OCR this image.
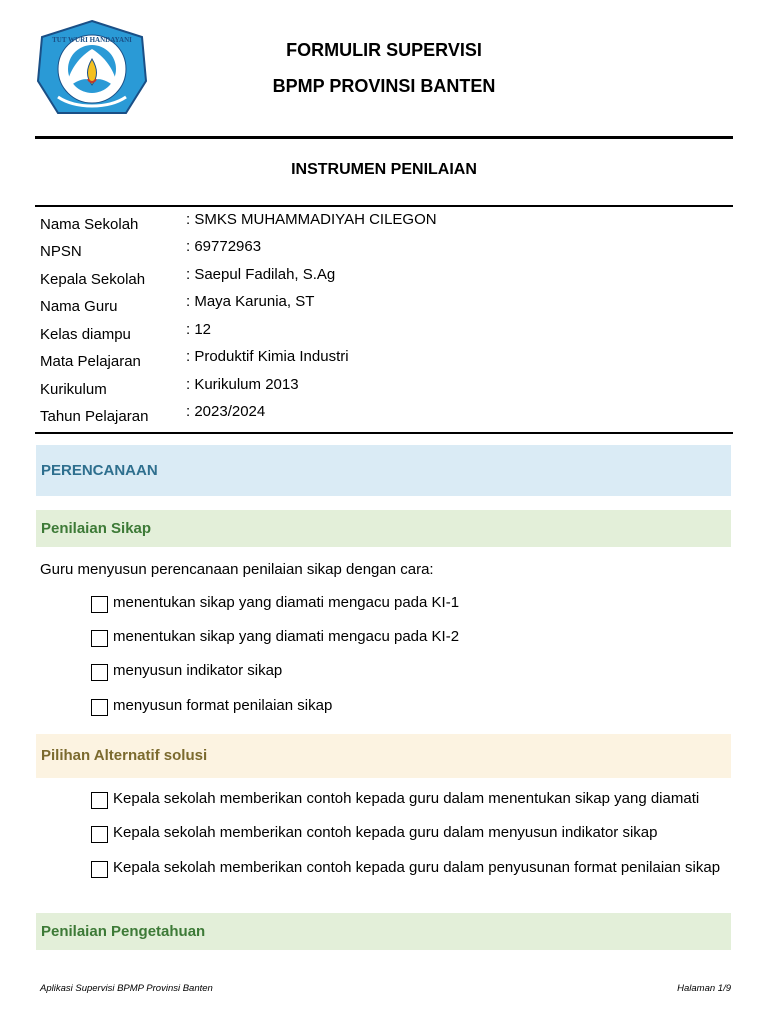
TUT WURI HANDAYANI	FORMULIR SUPERVISI
BPMP PROVINSI BANTEN
INSTRUMEN PENILAIAN
Nama Sekolah	: SMKS MUHAMMADIYAH CILEGON
NPSN	: 69772963
Kepala Sekolah	: Saepul Fadilah, S.Ag
Nama Guru	: Maya Karunia, ST
Kelas diampu	: 12
Mata Pelajaran	: Produktif Kimia Industri
Kurikulum	: Kurikulum 2013
Tahun Pelajaran	: 2023/2024
PERENCANAAN
Penilaian Sikap
Guru menyusun perencanaan penilaian sikap dengan cara:
menentukan sikap yang diamati mengacu pada KI-1
menentukan sikap yang diamati mengacu pada KI-2
menyusun indikator sikap
menyusun format penilaian sikap
Pilihan Alternatif solusi
Kepala sekolah memberikan contoh kepada guru dalam menentukan sikap yang diamati
Kepala sekolah memberikan contoh kepada guru dalam menyusun indikator sikap
Kepala sekolah memberikan contoh kepada guru dalam penyusunan format penilaian sikap
Penilaian Pengetahuan
Aplikasi Supervisi BPMP Provinsi Banten	Halaman 1/9
